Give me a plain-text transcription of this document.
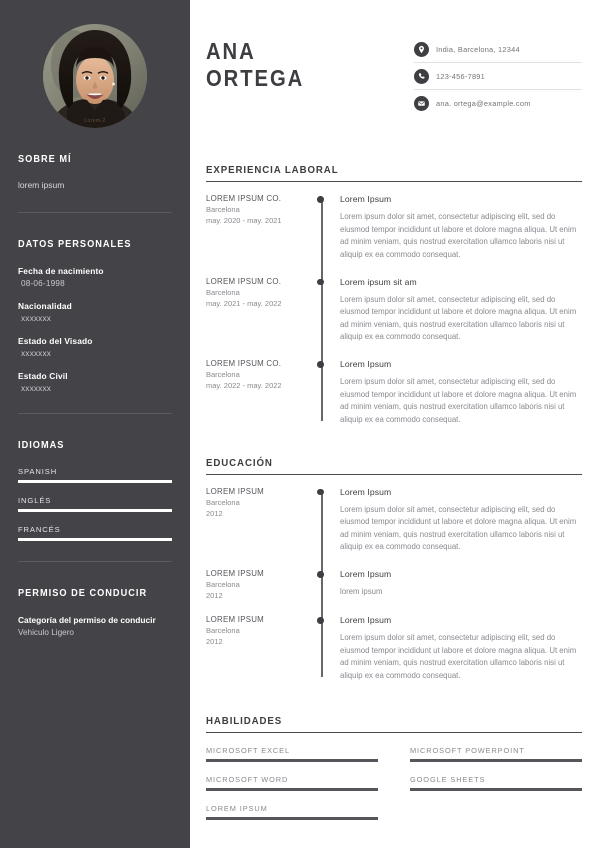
Lorem-2
SOBRE MÍ
lorem ipsum
DATOS PERSONALES
Fecha de nacimiento
08-06-1998
Nacionalidad
xxxxxxx
Estado del Visado
xxxxxxx
Estado Civil
xxxxxxx
IDIOMAS
SPANISH
INGLÉS
FRANCÉS
PERMISO DE CONDUCIR
Categoría del permiso de conducir
Vehiculo Ligero
ANA
ORTEGA
India, Barcelona, 12344
123-456-7891
ana. ortega@example.com
EXPERIENCIA LABORAL
LOREM IPSUM CO.
Barcelona
may. 2020 - may. 2021
Lorem Ipsum
Lorem ipsum dolor sit amet, consectetur adipiscing elit, sed do eiusmod tempor incididunt ut labore et dolore magna aliqua. Ut enim ad minim veniam, quis nostrud exercitation ullamco laboris nisi ut aliquip ex ea commodo consequat.
LOREM IPSUM CO.
Barcelona
may. 2021 - may. 2022
Lorem ipsum sit am
Lorem ipsum dolor sit amet, consectetur adipiscing elit, sed do eiusmod tempor incididunt ut labore et dolore magna aliqua. Ut enim ad minim veniam, quis nostrud exercitation ullamco laboris nisi ut aliquip ex ea commodo consequat.
LOREM IPSUM CO.
Barcelona
may. 2022 - may. 2022
Lorem Ipsum
Lorem ipsum dolor sit amet, consectetur adipiscing elit, sed do eiusmod tempor incididunt ut labore et dolore magna aliqua. Ut enim ad minim veniam, quis nostrud exercitation ullamco laboris nisi ut aliquip ex ea commodo consequat.
EDUCACIÓN
LOREM IPSUM
Barcelona
2012
Lorem Ipsum
Lorem ipsum dolor sit amet, consectetur adipiscing elit, sed do eiusmod tempor incididunt ut labore et dolore magna aliqua. Ut enim ad minim veniam, quis nostrud exercitation ullamco laboris nisi ut aliquip ex ea commodo consequat.
LOREM IPSUM
Barcelona
2012
Lorem Ipsum
lorem ipsum
LOREM IPSUM
Barcelona
2012
Lorem Ipsum
Lorem ipsum dolor sit amet, consectetur adipiscing elit, sed do eiusmod tempor incididunt ut labore et dolore magna aliqua. Ut enim ad minim veniam, quis nostrud exercitation ullamco laboris nisi ut aliquip ex ea commodo consequat.
HABILIDADES
MICROSOFT EXCEL	MICROSOFT POWERPOINT
MICROSOFT WORD	GOOGLE SHEETS
LOREM IPSUM
